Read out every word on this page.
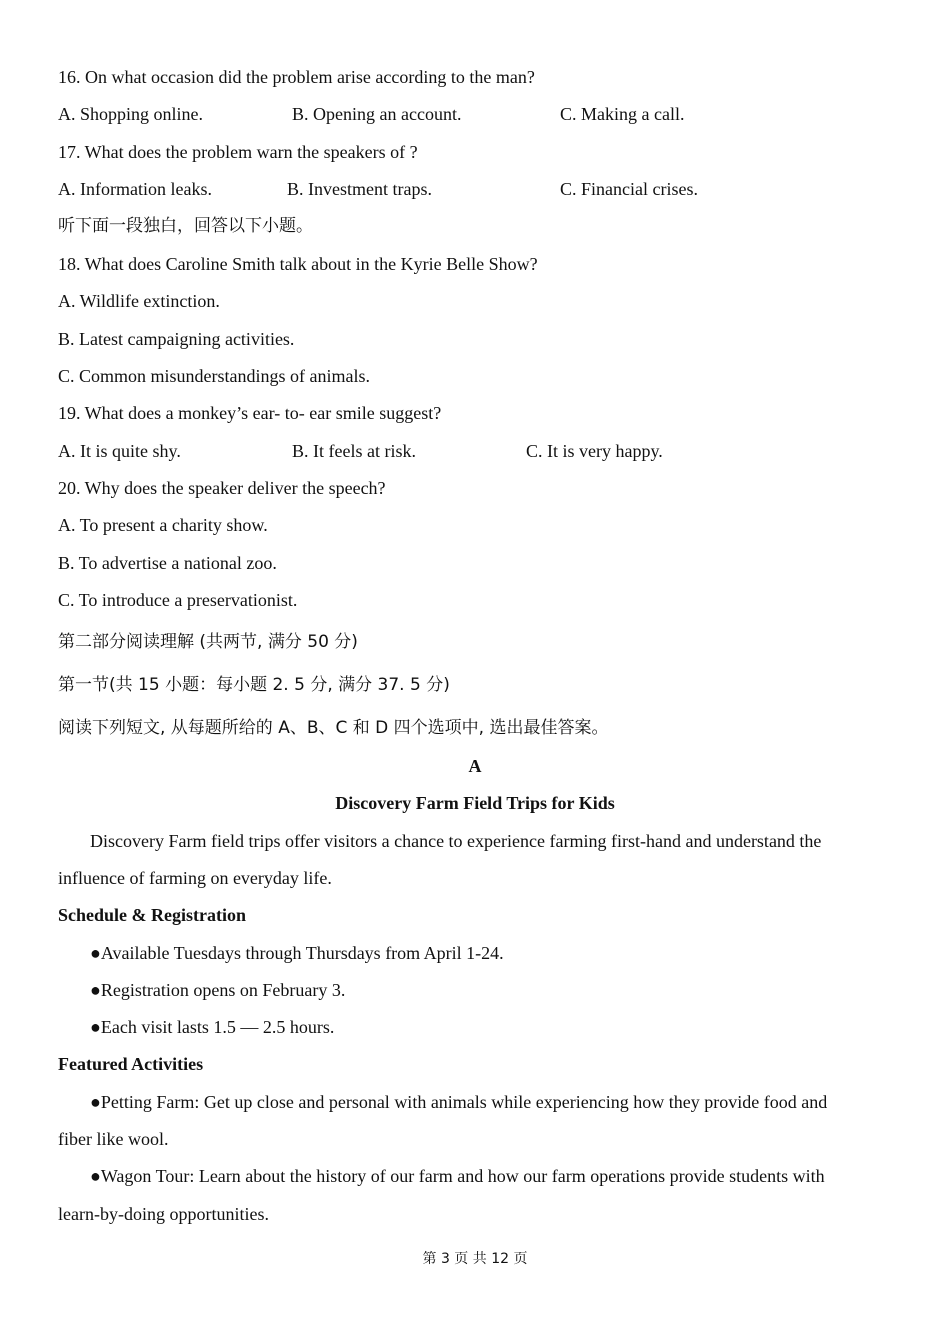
16. On what occasion did the problem arise according to the man?
A. Shopping online.	B. Opening an account.	C. Making a call.
17. What does the problem warn the speakers of ?
A. Information leaks.	B. Investment traps.	C. Financial crises.
听下面一段独白，回答以下小题。
18. What does Caroline Smith talk about in the Kyrie Belle Show?
A. Wildlife extinction.
B. Latest campaigning activities.
C. Common misunderstandings of animals.
19. What does a monkey’s ear- to- ear smile suggest?
A. It is quite shy.	B. It feels at risk.	C. It is very happy.
20. Why does the speaker deliver the speech?
A. To present a charity show.
B. To advertise a national zoo.
C. To introduce a preservationist.
第二部分阅读理解 (共两节, 满分 50 分)
第一节(共 15 小题：每小题 2. 5 分, 满分 37. 5 分)
阅读下列短文, 从每题所给的 A、B、C 和 D 四个选项中, 选出最佳答案。
A
Discovery Farm Field Trips for Kids
Discovery Farm field trips offer visitors a chance to experience farming first-hand and understand the
influence of farming on everyday life.
Schedule & Registration
●Available Tuesdays through Thursdays from April 1-24.
●Registration opens on February 3.
●Each visit lasts 1.5 — 2.5 hours.
Featured Activities
●Petting Farm: Get up close and personal with animals while experiencing how they provide food and
fiber like wool.
●Wagon Tour: Learn about the history of our farm and how our farm operations provide students with
learn-by-doing opportunities.
第 3 页 共 12 页
